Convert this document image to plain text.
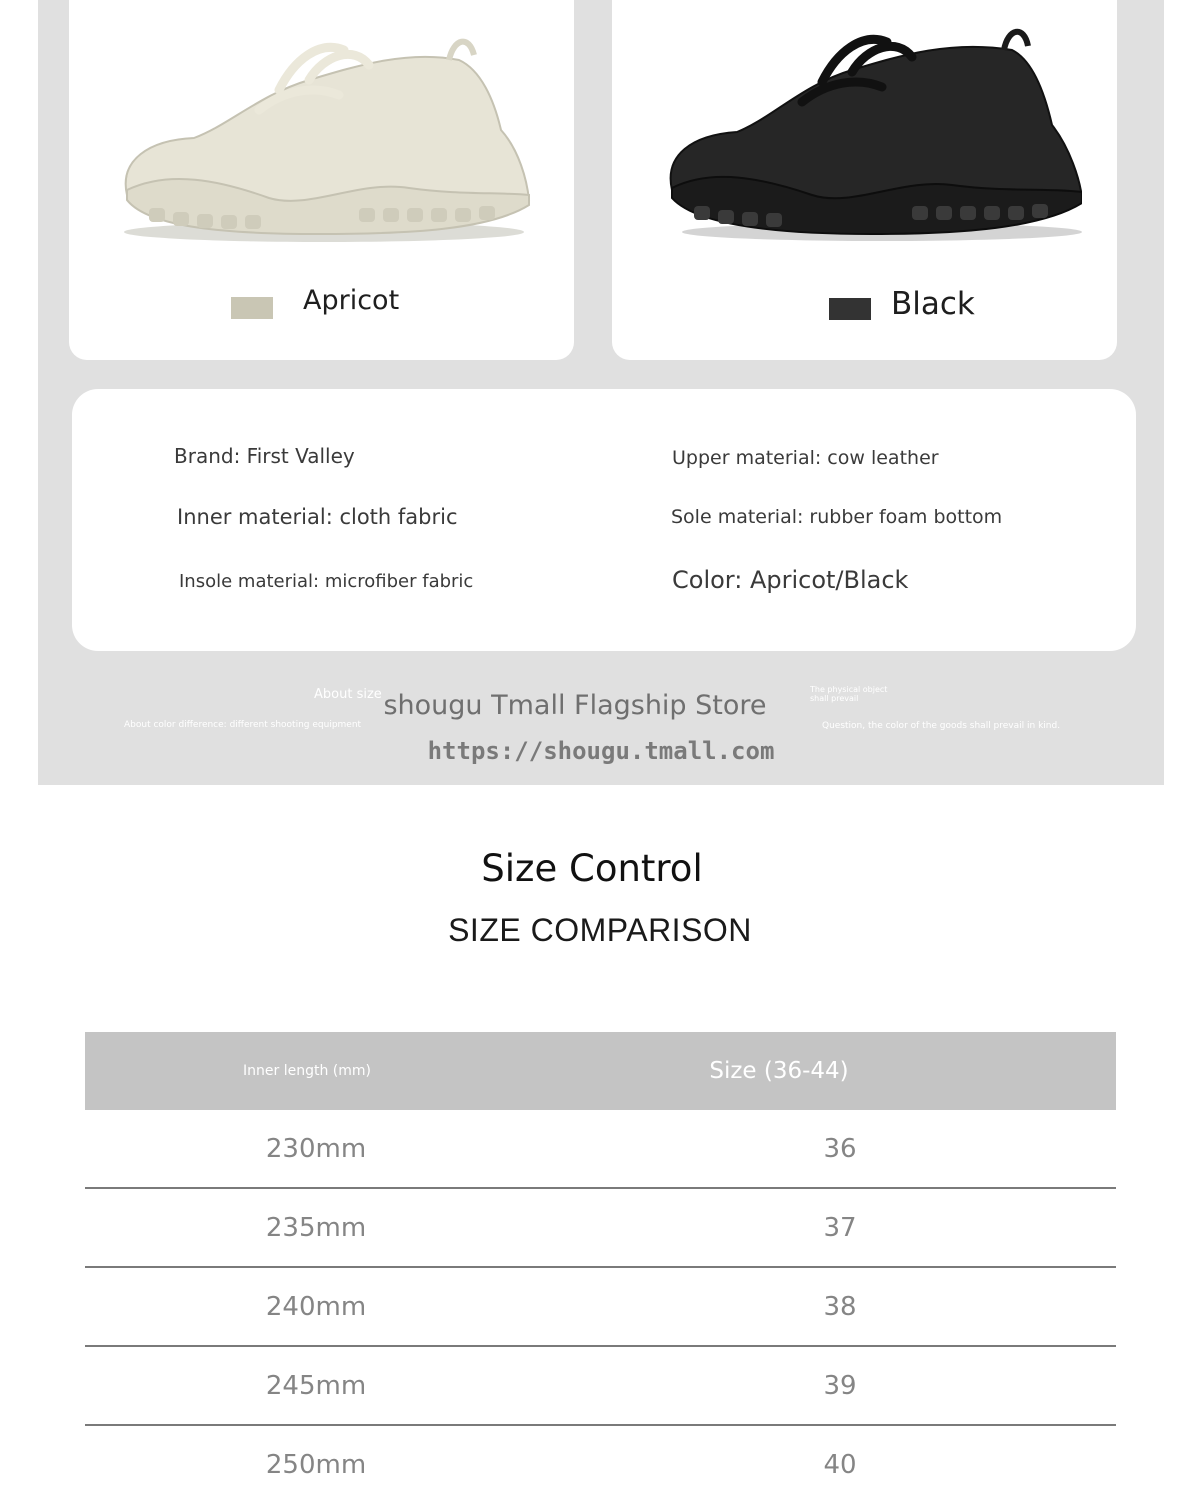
Apricot	Black
Brand: First Valley	Upper material: cow leather
Inner material: cloth fabric	Sole material: rubber foam bottom
Insole material: microfiber fabric	Color: Apricot/Black
About size	The physical object shall prevail
About color difference: different shooting equipment	Question, the color of the goods shall prevail in kind.
shougu Tmall Flagship Store
https://shougu.tmall.com
Size Control
SIZE COMPARISON
Inner length (mm)	Size (36-44)
230mm	36
235mm	37
240mm	38
245mm	39
250mm	40
